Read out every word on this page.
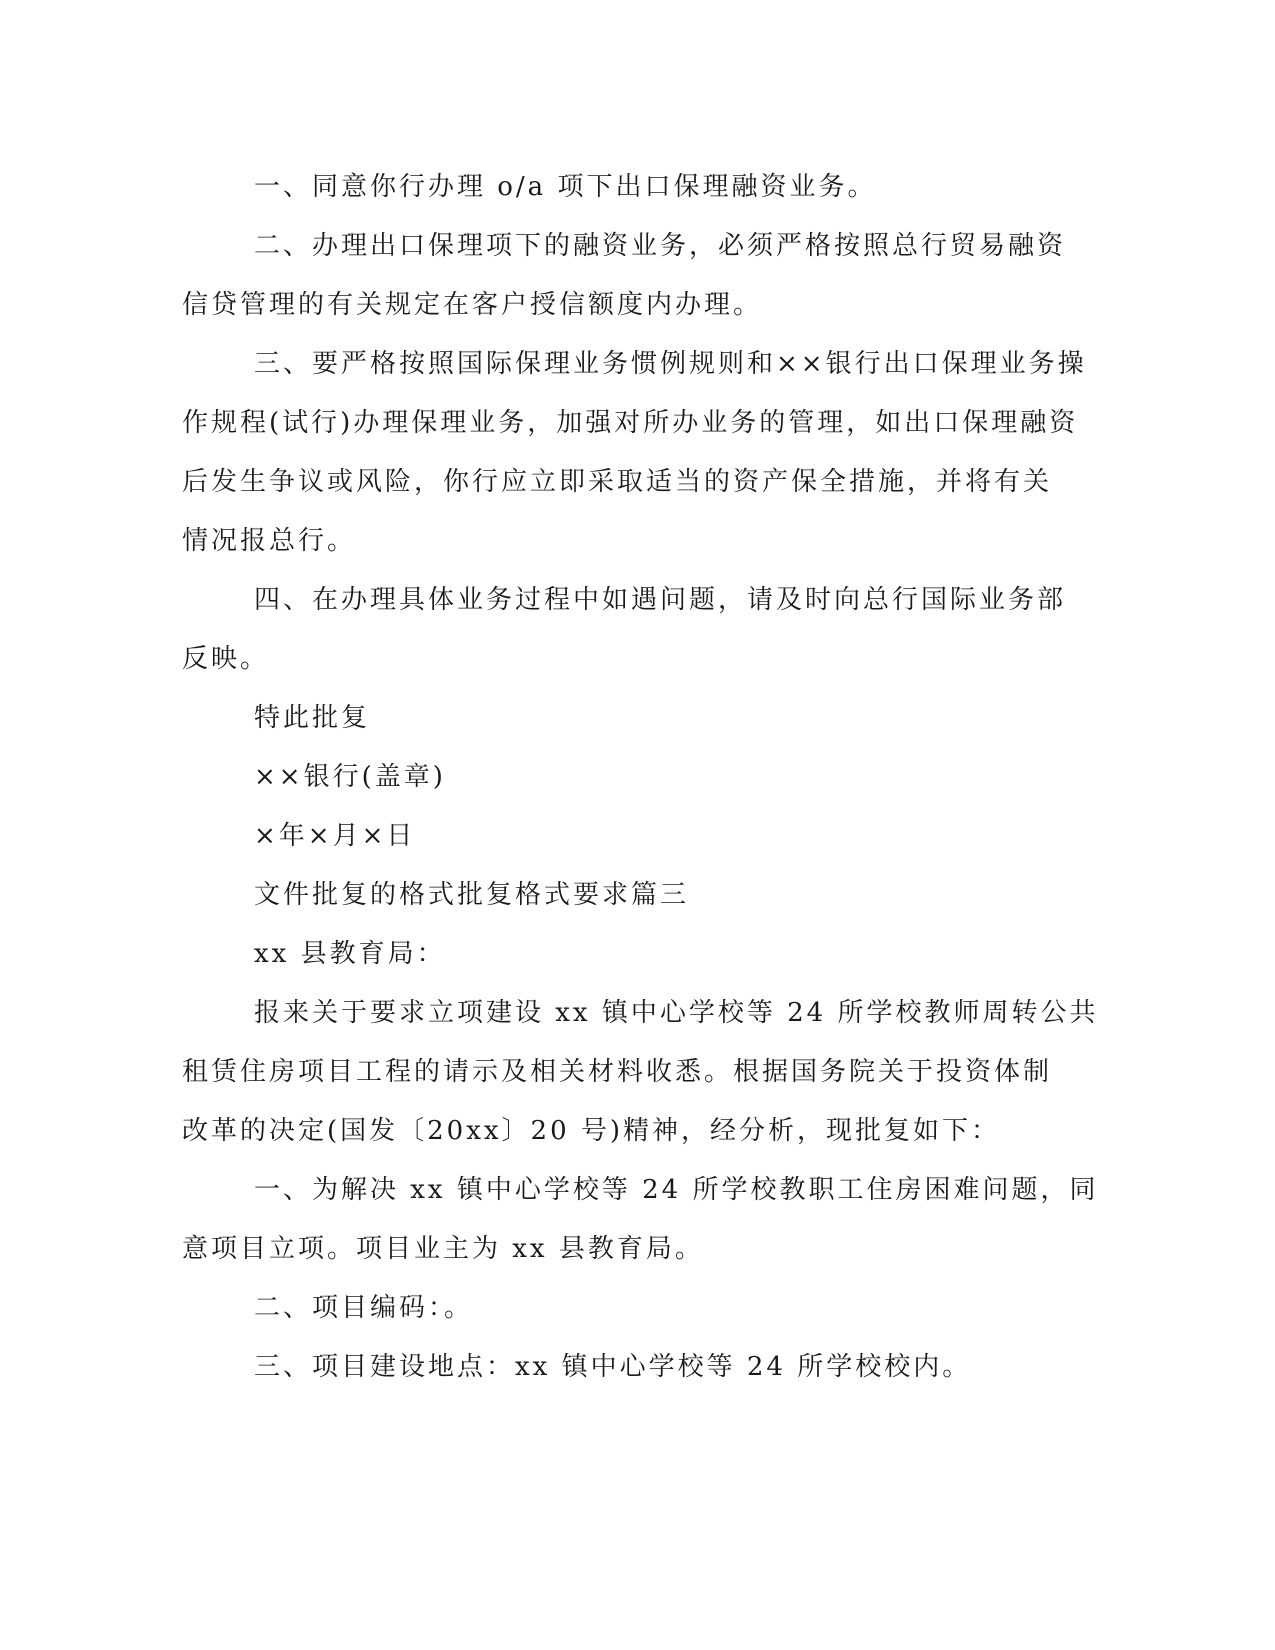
一、同意你行办理 o/a 项下出口保理融资业务。
二、办理出口保理项下的融资业务，必须严格按照总行贸易融资
信贷管理的有关规定在客户授信额度内办理。
三、要严格按照国际保理业务惯例规则和××银行出口保理业务操
作规程(试行)办理保理业务，加强对所办业务的管理，如出口保理融资
后发生争议或风险，你行应立即采取适当的资产保全措施，并将有关
情况报总行。
四、在办理具体业务过程中如遇问题，请及时向总行国际业务部
反映。
特此批复
××银行(盖章)
×年×月×日
文件批复的格式批复格式要求篇三
xx 县教育局：
报来关于要求立项建设 xx 镇中心学校等 24 所学校教师周转公共
租赁住房项目工程的请示及相关材料收悉。根据国务院关于投资体制
改革的决定(国发〔20xx〕20 号)精神，经分析，现批复如下：
一、为解决 xx 镇中心学校等 24 所学校教职工住房困难问题，同
意项目立项。项目业主为 xx 县教育局。
二、项目编码：。
三、项目建设地点：xx 镇中心学校等 24 所学校校内。
